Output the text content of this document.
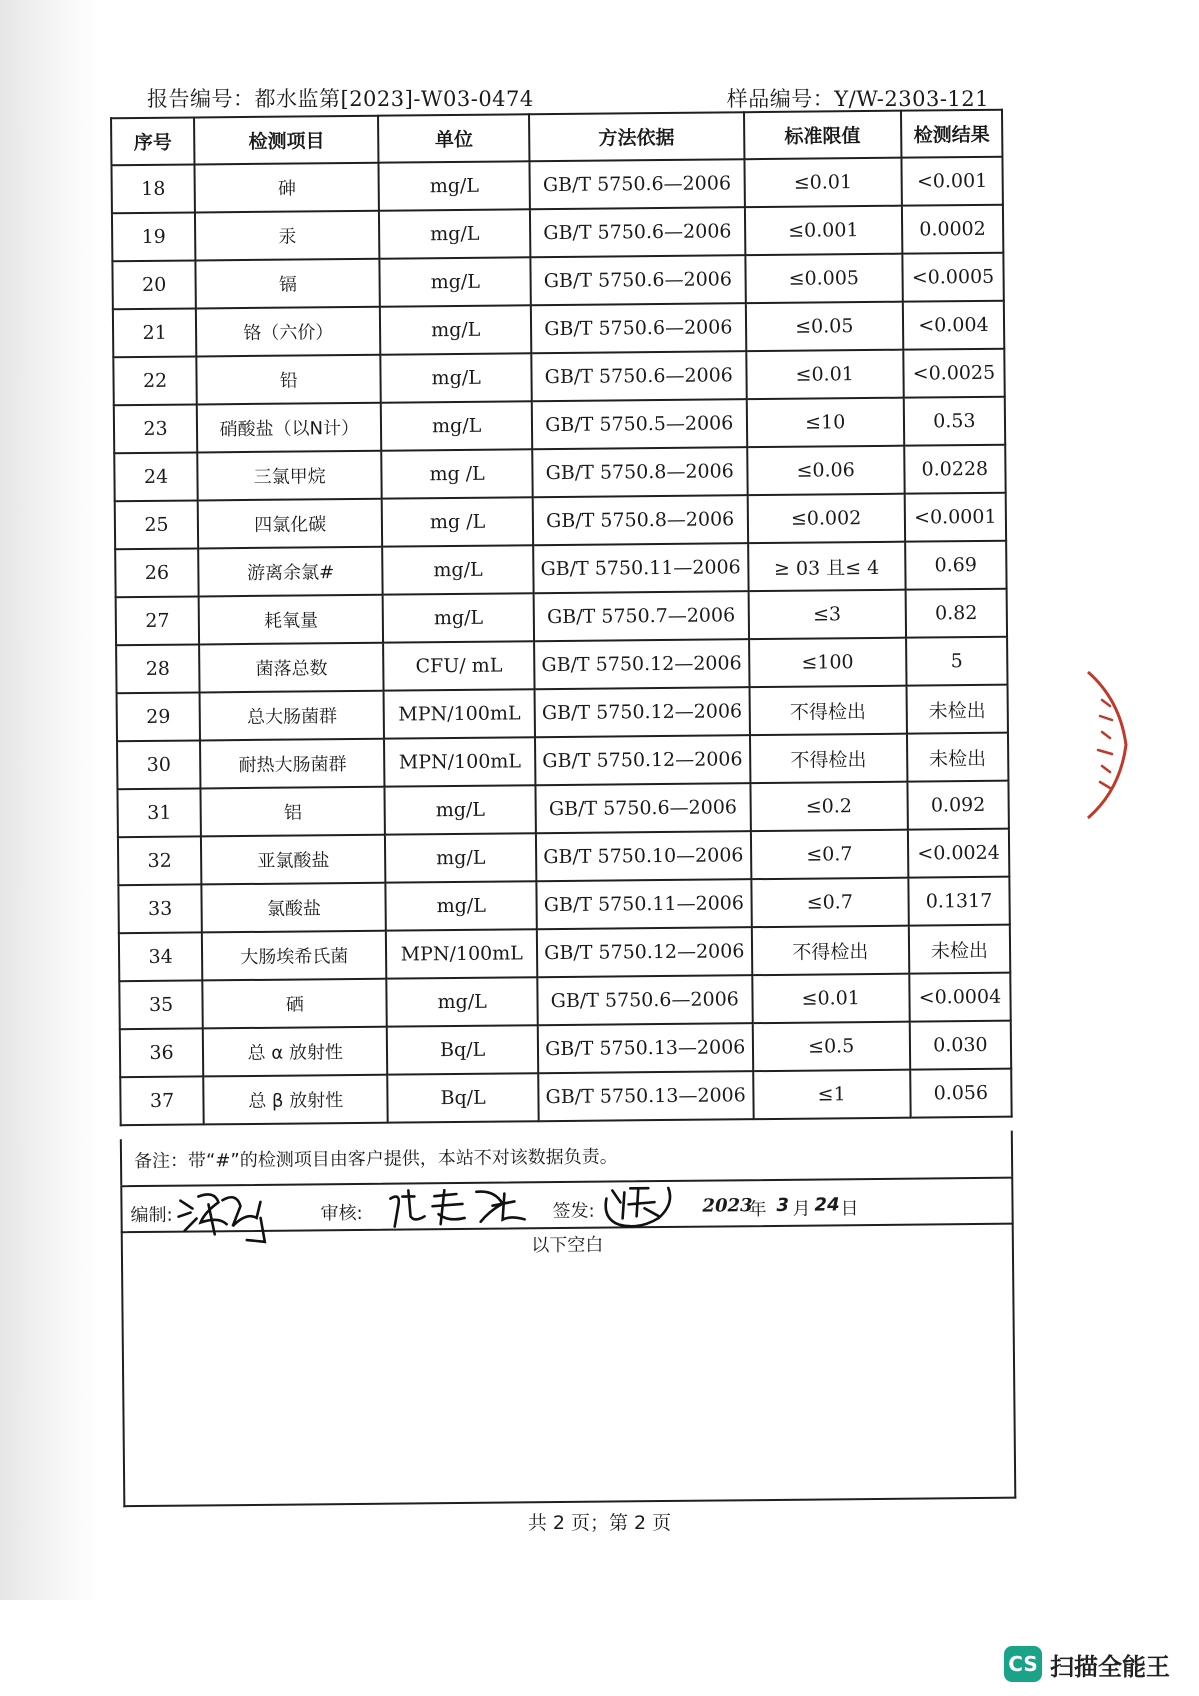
报告编号：都水监第[2023]-W03-0474	样品编号：Y/W-2303-121
序号	检测项目	单位	方法依据	标准限值	检测结果
18	砷	mg/L	GB/T 5750.6—2006	≤0.01	<0.001
19	汞	mg/L	GB/T 5750.6—2006	≤0.001	0.0002
20	镉	mg/L	GB/T 5750.6—2006	≤0.005	<0.0005
21	铬（六价）	mg/L	GB/T 5750.6—2006	≤0.05	<0.004
22	铅	mg/L	GB/T 5750.6—2006	≤0.01	<0.0025
23	硝酸盐（以N计）	mg/L	GB/T 5750.5—2006	≤10	0.53
24	三氯甲烷	mg /L	GB/T 5750.8—2006	≤0.06	0.0228
25	四氯化碳	mg /L	GB/T 5750.8—2006	≤0.002	<0.0001
26	游离余氯#	mg/L	GB/T 5750.11—2006	≥ 03 且≤ 4	0.69
27	耗氧量	mg/L	GB/T 5750.7—2006	≤3	0.82
28	菌落总数	CFU/ mL	GB/T 5750.12—2006	≤100	5
29	总大肠菌群	MPN/100mL	GB/T 5750.12—2006	不得检出	未检出
30	耐热大肠菌群	MPN/100mL	GB/T 5750.12—2006	不得检出	未检出
31	铝	mg/L	GB/T 5750.6—2006	≤0.2	0.092
32	亚氯酸盐	mg/L	GB/T 5750.10—2006	≤0.7	<0.0024
33	氯酸盐	mg/L	GB/T 5750.11—2006	≤0.7	0.1317
34	大肠埃希氏菌	MPN/100mL	GB/T 5750.12—2006	不得检出	未检出
35	硒	mg/L	GB/T 5750.6—2006	≤0.01	<0.0004
36	总 α 放射性	Bq/L	GB/T 5750.13—2006	≤0.5	0.030
37	总 β 放射性	Bq/L	GB/T 5750.13—2006	≤1	0.056
备注：带“#”的检测项目由客户提供，本站不对该数据负责。
编制:	审核:	签发:	2023
年 3 月 24 日
以下空白
共 2 页；第 2 页
CS 扫描全能王
